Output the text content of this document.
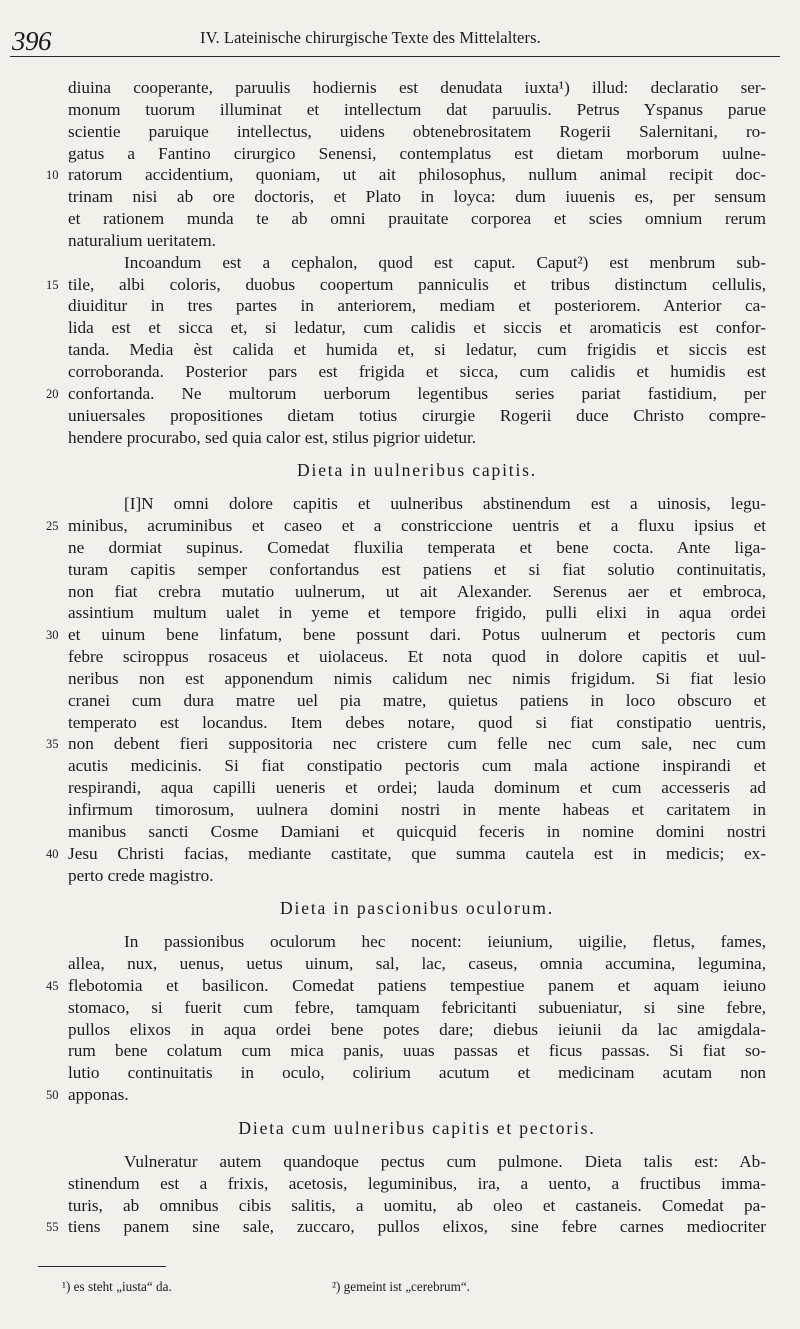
396	IV. Lateinische chirurgische Texte des Mittelalters.
diuina cooperante, paruulis hodiernis est denudata iuxta¹) illud: declaratio ser-
monum tuorum illuminat et intellectum dat paruulis. Petrus Yspanus parue
scientie paruique intellectus, uidens obtenebrositatem Rogerii Salernitani, ro-
gatus a Fantino cirurgico Senensi, contemplatus est dietam morborum uulne-
10 ratorum accidentium, quoniam, ut ait philosophus, nullum animal recipit doc-
trinam nisi ab ore doctoris, et Plato in loyca: dum iuuenis es, per sensum
et rationem munda te ab omni prauitate corporea et scies omnium rerum
naturalium ueritatem.
Incoandum est a cephalon, quod est caput. Caput²) est menbrum sub-
15 tile, albi coloris, duobus coopertum panniculis et tribus distinctum cellulis,
diuiditur in tres partes in anteriorem, mediam et posteriorem. Anterior ca-
lida est et sicca et, si ledatur, cum calidis et siccis et aromaticis est confor-
tanda. Media èst calida et humida et, si ledatur, cum frigidis et siccis est
corroboranda. Posterior pars est frigida et sicca, cum calidis et humidis est
20 confortanda. Ne multorum uerborum legentibus series pariat fastidium, per
uniuersales propositiones dietam totius cirurgie Rogerii duce Christo compre-
hendere procurabo, sed quia calor est, stilus pigrior uidetur.
Dieta in uulneribus capitis.
[I]N omni dolore capitis et uulneribus abstinendum est a uinosis, legu-
25 minibus, acruminibus et caseo et a constriccione uentris et a fluxu ipsius et
ne dormiat supinus. Comedat fluxilia temperata et bene cocta. Ante liga-
turam capitis semper confortandus est patiens et si fiat solutio continuitatis,
non fiat crebra mutatio uulnerum, ut ait Alexander. Serenus aer et embroca,
assintium multum ualet in yeme et tempore frigido, pulli elixi in aqua ordei
30 et uinum bene linfatum, bene possunt dari. Potus uulnerum et pectoris cum
febre sciroppus rosaceus et uiolaceus. Et nota quod in dolore capitis et uul-
neribus non est apponendum nimis calidum nec nimis frigidum. Si fiat lesio
cranei cum dura matre uel pia matre, quietus patiens in loco obscuro et
temperato est locandus. Item debes notare, quod si fiat constipatio uentris,
35 non debent fieri suppositoria nec cristere cum felle nec cum sale, nec cum
acutis medicinis. Si fiat constipatio pectoris cum mala actione inspirandi et
respirandi, aqua capilli ueneris et ordei; lauda dominum et cum accesseris ad
infirmum timorosum, uulnera domini nostri in mente habeas et caritatem in
manibus sancti Cosme Damiani et quicquid feceris in nomine domini nostri
40 Jesu Christi facias, mediante castitate, que summa cautela est in medicis; ex-
perto crede magistro.
Dieta in pascionibus oculorum.
In passionibus oculorum hec nocent: ieiunium, uigilie, fletus, fames,
allea, nux, uenus, uetus uinum, sal, lac, caseus, omnia accumina, legumina,
45 flebotomia et basilicon. Comedat patiens tempestiue panem et aquam ieiuno
stomaco, si fuerit cum febre, tamquam febricitanti subueniatur, si sine febre,
pullos elixos in aqua ordei bene potes dare; diebus ieiunii da lac amigdala-
rum bene colatum cum mica panis, uuas passas et ficus passas. Si fiat so-
lutio continuitatis in oculo, colirium acutum et medicinam acutam non
50 apponas.
Dieta cum uulneribus capitis et pectoris.
Vulneratur autem quandoque pectus cum pulmone. Dieta talis est: Ab-
stinendum est a frixis, acetosis, leguminibus, ira, a uento, a fructibus imma-
turis, ab omnibus cibis salitis, a uomitu, ab oleo et castaneis. Comedat pa-
55 tiens panem sine sale, zuccaro, pullos elixos, sine febre carnes mediocriter
¹) es steht „iusta“ da.	²) gemeint ist „cerebrum“.
